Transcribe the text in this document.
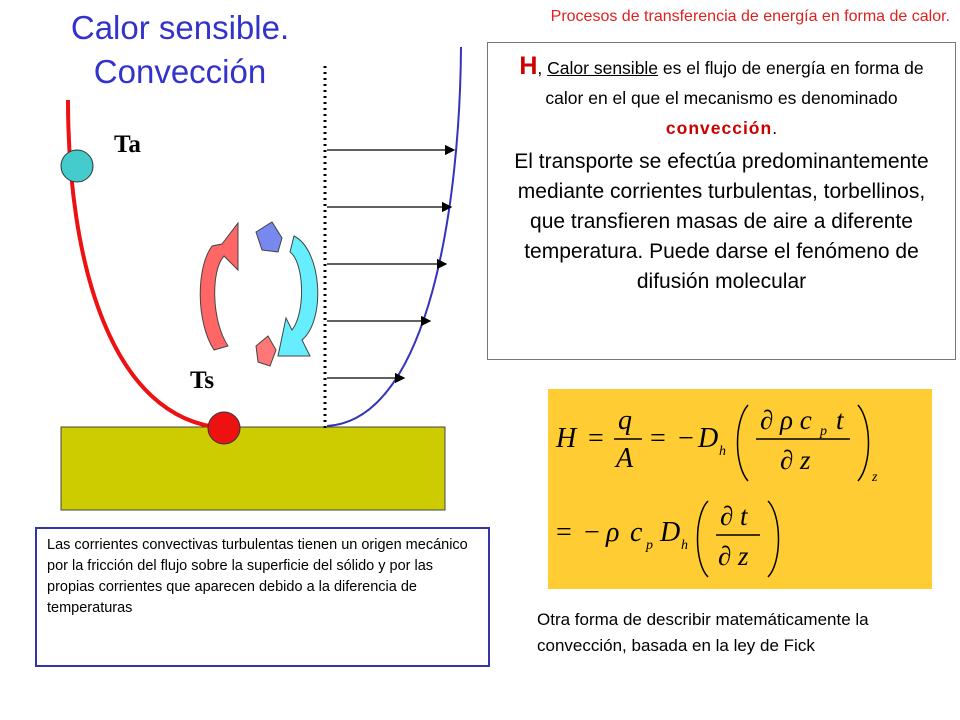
Calor sensible.
Convección
Procesos de transferencia de energía en forma de calor.
Ta
Ts
H, Calor sensible es el flujo de energía en forma de calor en el que el mecanismo es denominado convección.
El transporte se efectúa predominantemente mediante corrientes turbulentas, torbellinos, que transfieren masas de aire a diferente temperatura. Puede darse el fenómeno de difusión molecular
H =
q
A
= − D h
∂ ρ c p t
∂ z
z
= − ρ c p D h
∂ t
∂ z
Otra forma de describir matemáticamente la convección, basada en la ley de Fick
Las corrientes convectivas turbulentas tienen un origen mecánico por la fricción del flujo sobre la superficie del sólido y por las propias corrientes que aparecen debido a la diferencia de temperaturas
